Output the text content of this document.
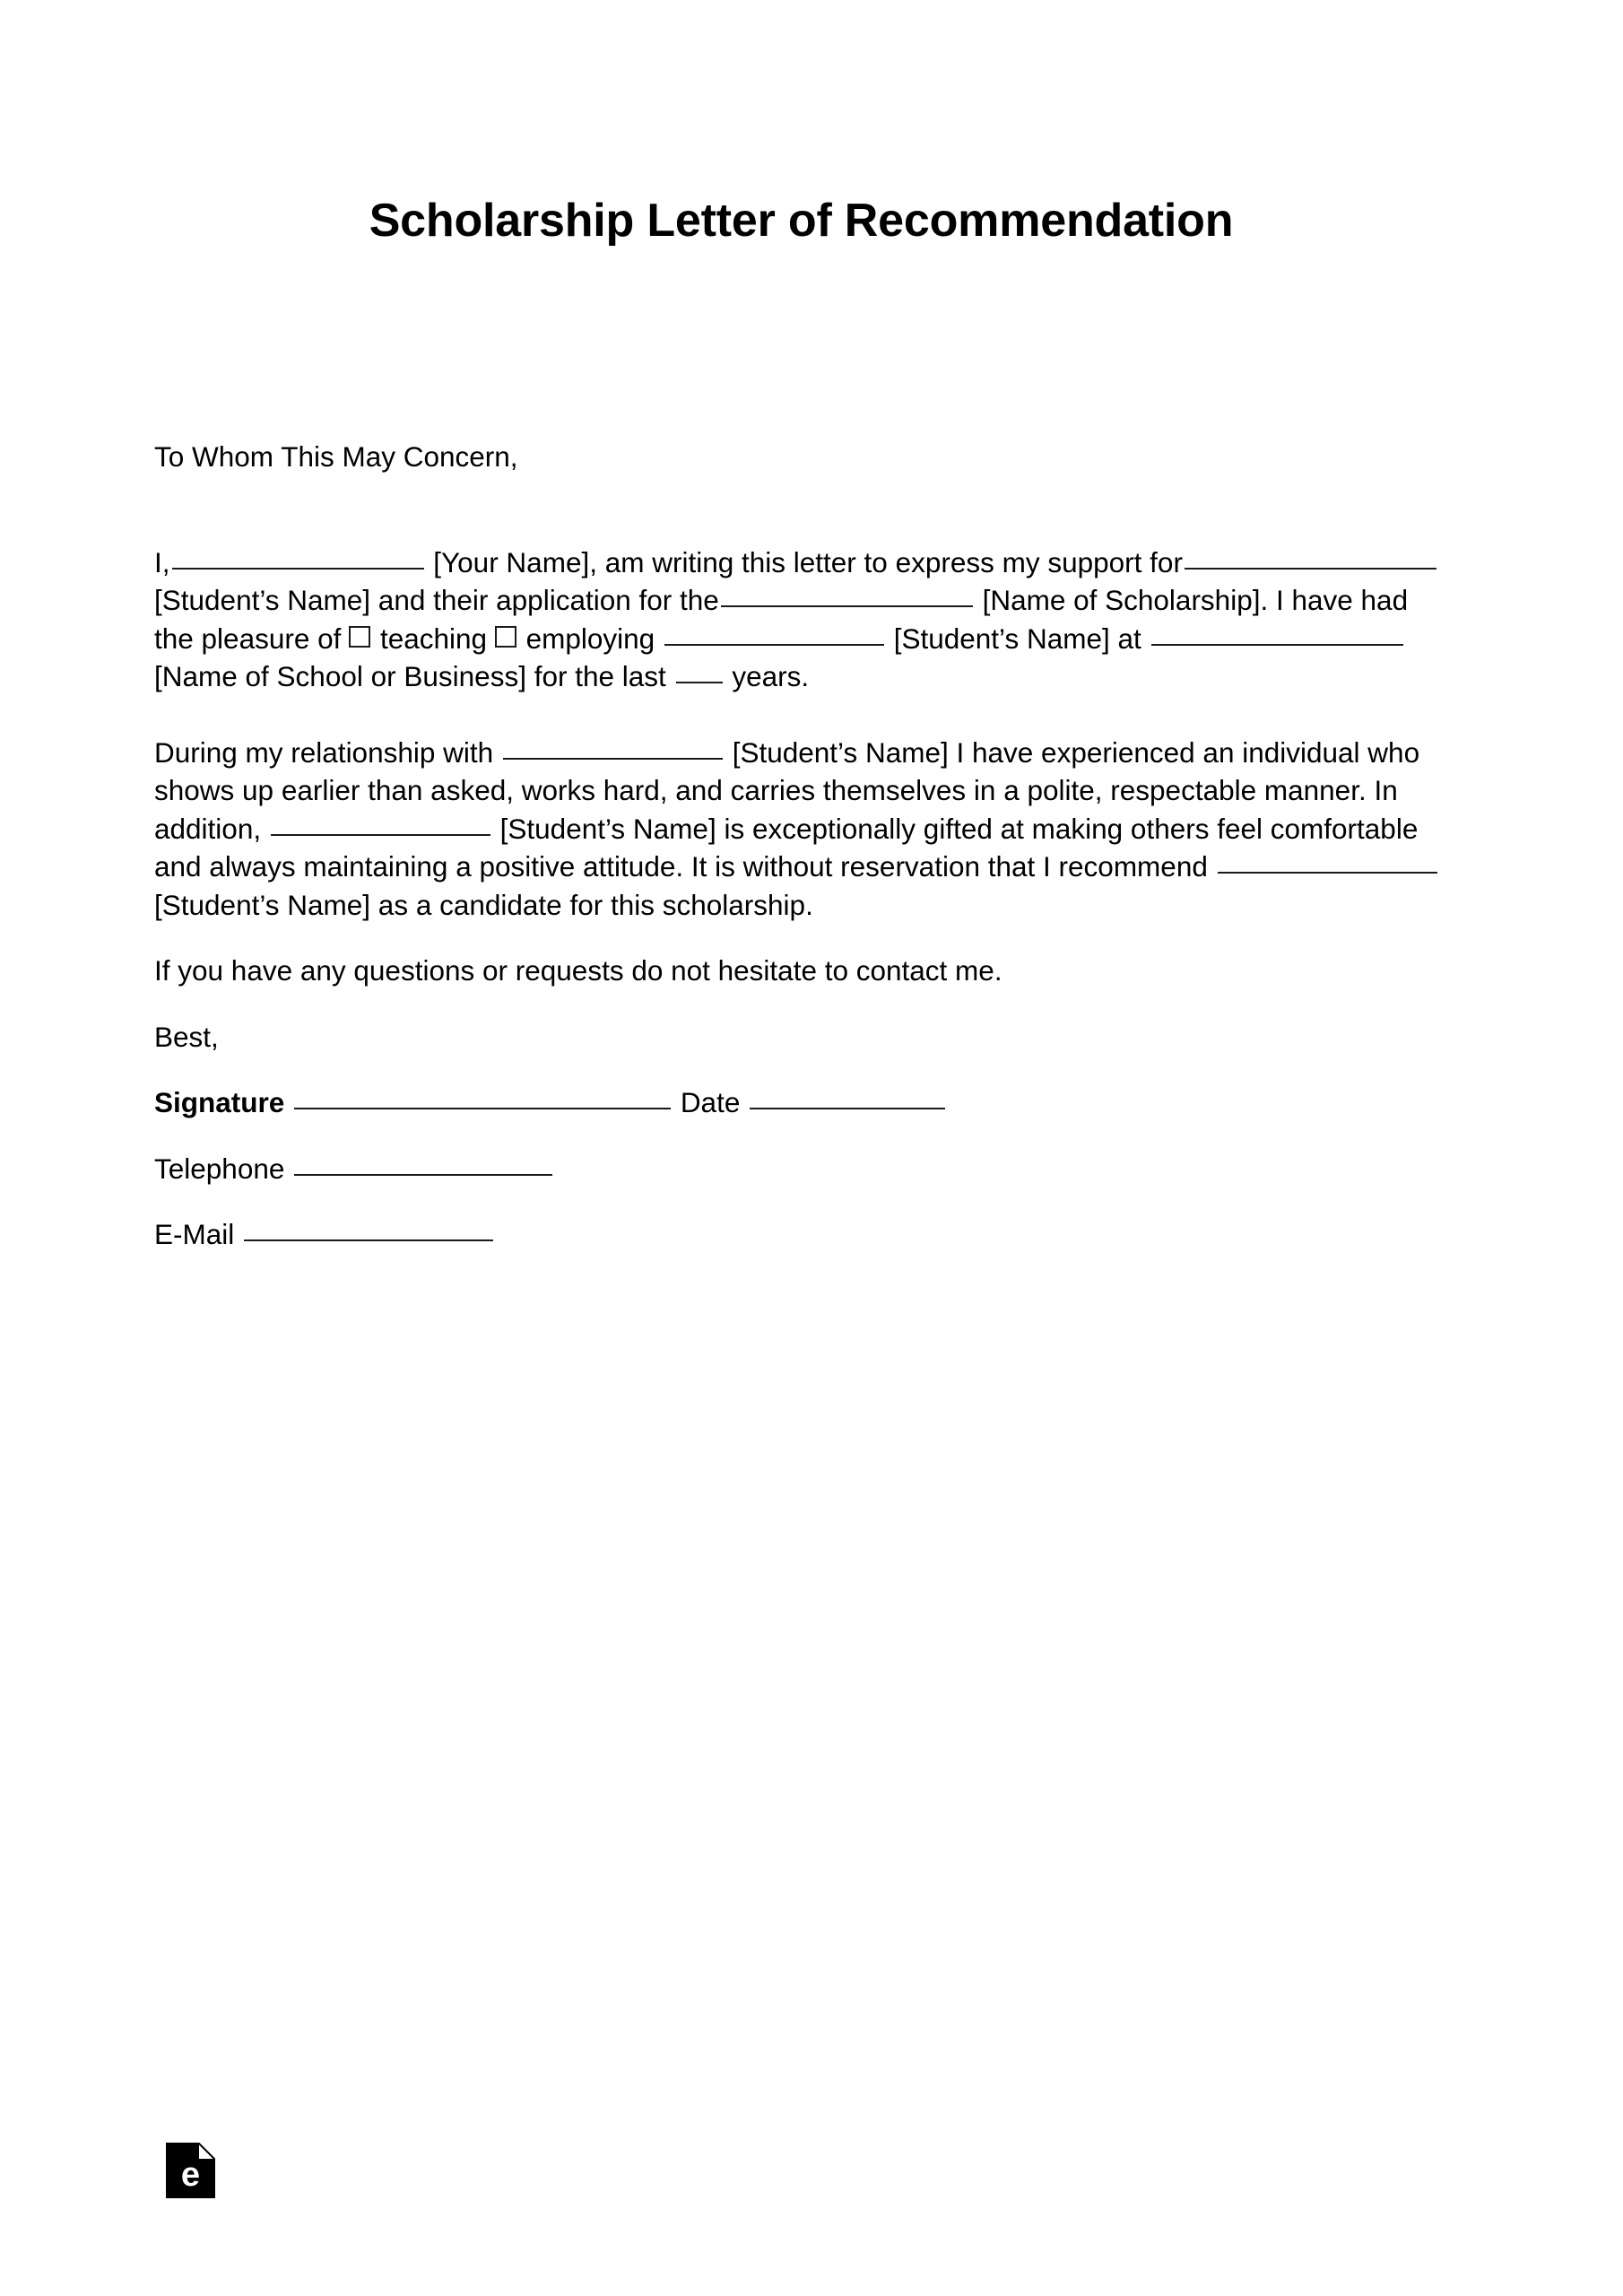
Scholarship Letter of Recommendation

To Whom This May Concern,

I,	[Your Name], am writing this letter to express my support for [Student’s Name] and their application for the	[Name of Scholarship]. I have had the pleasure of teaching employing	[Student’s Name] at  [Name of School or Business] for the last years.

During my relationship with	[Student’s Name] I have experienced an individual who shows up earlier than asked, works hard, and carries themselves in a polite, respectable manner. In addition,	[Student’s Name] is exceptionally gifted at making others feel comfortable and always maintaining a positive attitude. It is without reservation that I recommend  [Student’s Name] as a candidate for this scholarship.

If you have any questions or requests do not hesitate to contact me.

Best,

Signature	Date

Telephone

E-Mail

e
